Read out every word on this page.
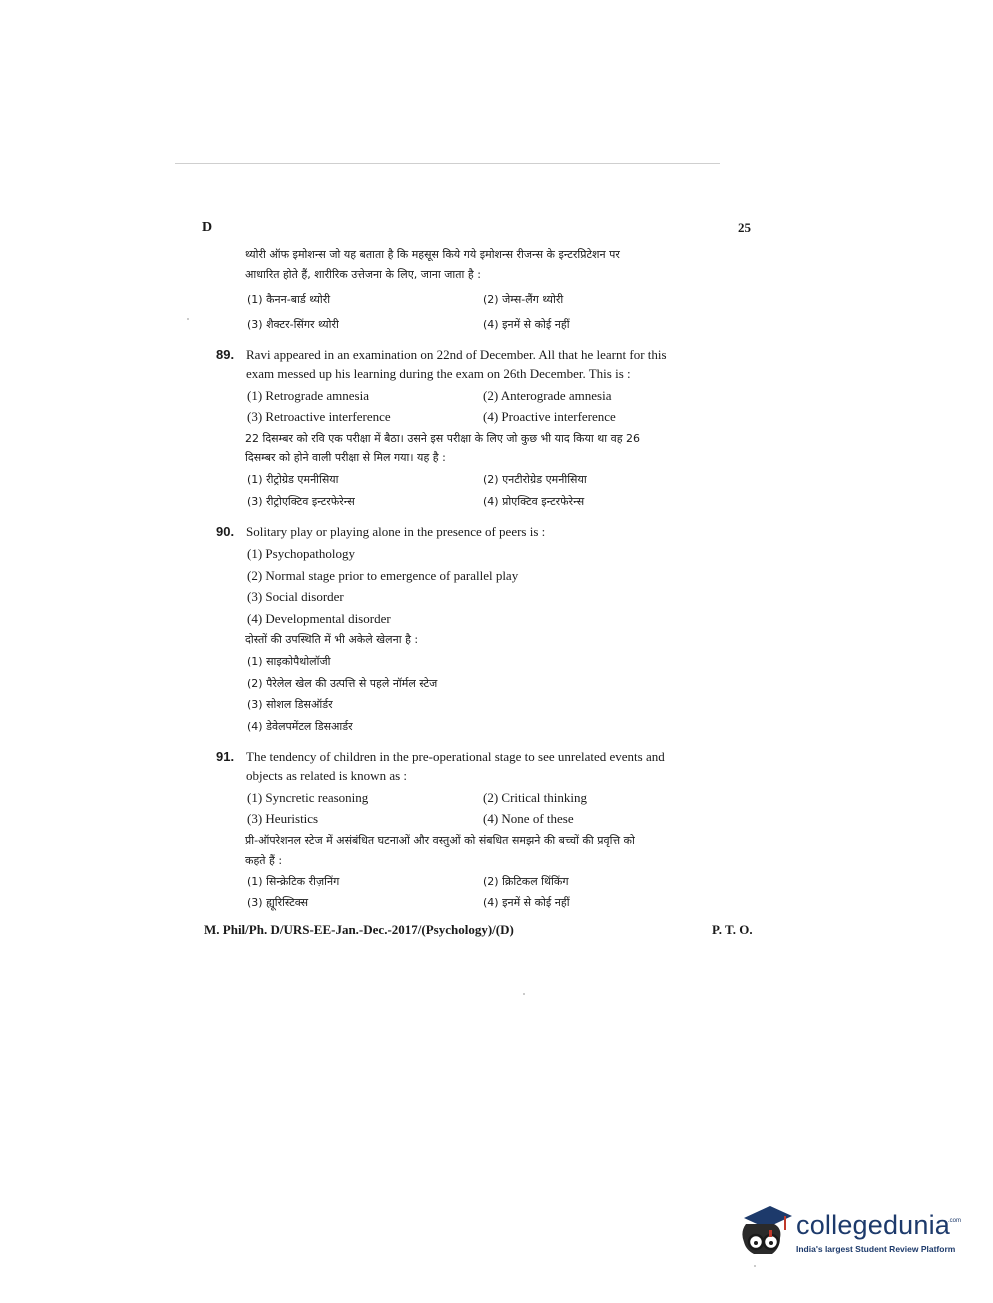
D	25
थ्योरी ऑफ इमोशन्स जो यह बताता है कि महसूस किये गये इमोशन्स रीजन्स के इन्टरप्रिटेशन पर
आधारित होते हैं, शारीरिक उत्तेजना के लिए, जाना जाता है :
(1) कैनन-बार्ड थ्योरी	(2) जेम्स-लैंग थ्योरी
(3) शैक्टर-सिंगर थ्योरी	(4) इनमें से कोई नहीं
89. Ravi appeared in an examination on 22nd of December. All that he learnt for this
exam messed up his learning during the exam on 26th December. This is :
(1) Retrograde amnesia	(2) Anterograde amnesia
(3) Retroactive interference	(4) Proactive interference
22 दिसम्बर को रवि एक परीक्षा में बैठा। उसने इस परीक्षा के लिए जो कुछ भी याद किया था वह 26
दिसम्बर को होने वाली परीक्षा से मिल गया। यह है :
(1) रीट्रोग्रेड एमनीसिया	(2) एनटीरोग्रेड एमनीसिया
(3) रीट्रोएक्टिव इन्टरफेरेन्स	(4) प्रोएक्टिव इन्टरफेरेन्स
90. Solitary play or playing alone in the presence of peers is :
(1) Psychopathology
(2) Normal stage prior to emergence of parallel play
(3) Social disorder
(4) Developmental disorder
दोस्तों की उपस्थिति में भी अकेले खेलना है :
(1) साइकोपैथोलॉजी
(2) पैरेलेल खेल की उत्पत्ति से पहले नॉर्मल स्टेज
(3) सोशल डिसऑर्डर
(4) डेवेलपमेंटल डिसआर्डर
91. The tendency of children in the pre-operational stage to see unrelated events and
objects as related is known as :
(1) Syncretic reasoning	(2) Critical thinking
(3) Heuristics	(4) None of these
प्री-ऑपरेशनल स्टेज में असंबंधित घटनाओं और वस्तुओं को संबधित समझने की बच्चों की प्रवृत्ति को
कहते हैं :
(1) सिन्क्रेटिक रीज़निंग	(2) क्रिटिकल थिंकिंग
(3) ह्यूरिस्टिक्स	(4) इनमें से कोई नहीं
M. Phil/Ph. D/URS-EE-Jan.-Dec.-2017/(Psychology)/(D)	P. T. O.
collegedunia
.com
India's largest Student Review Platform
